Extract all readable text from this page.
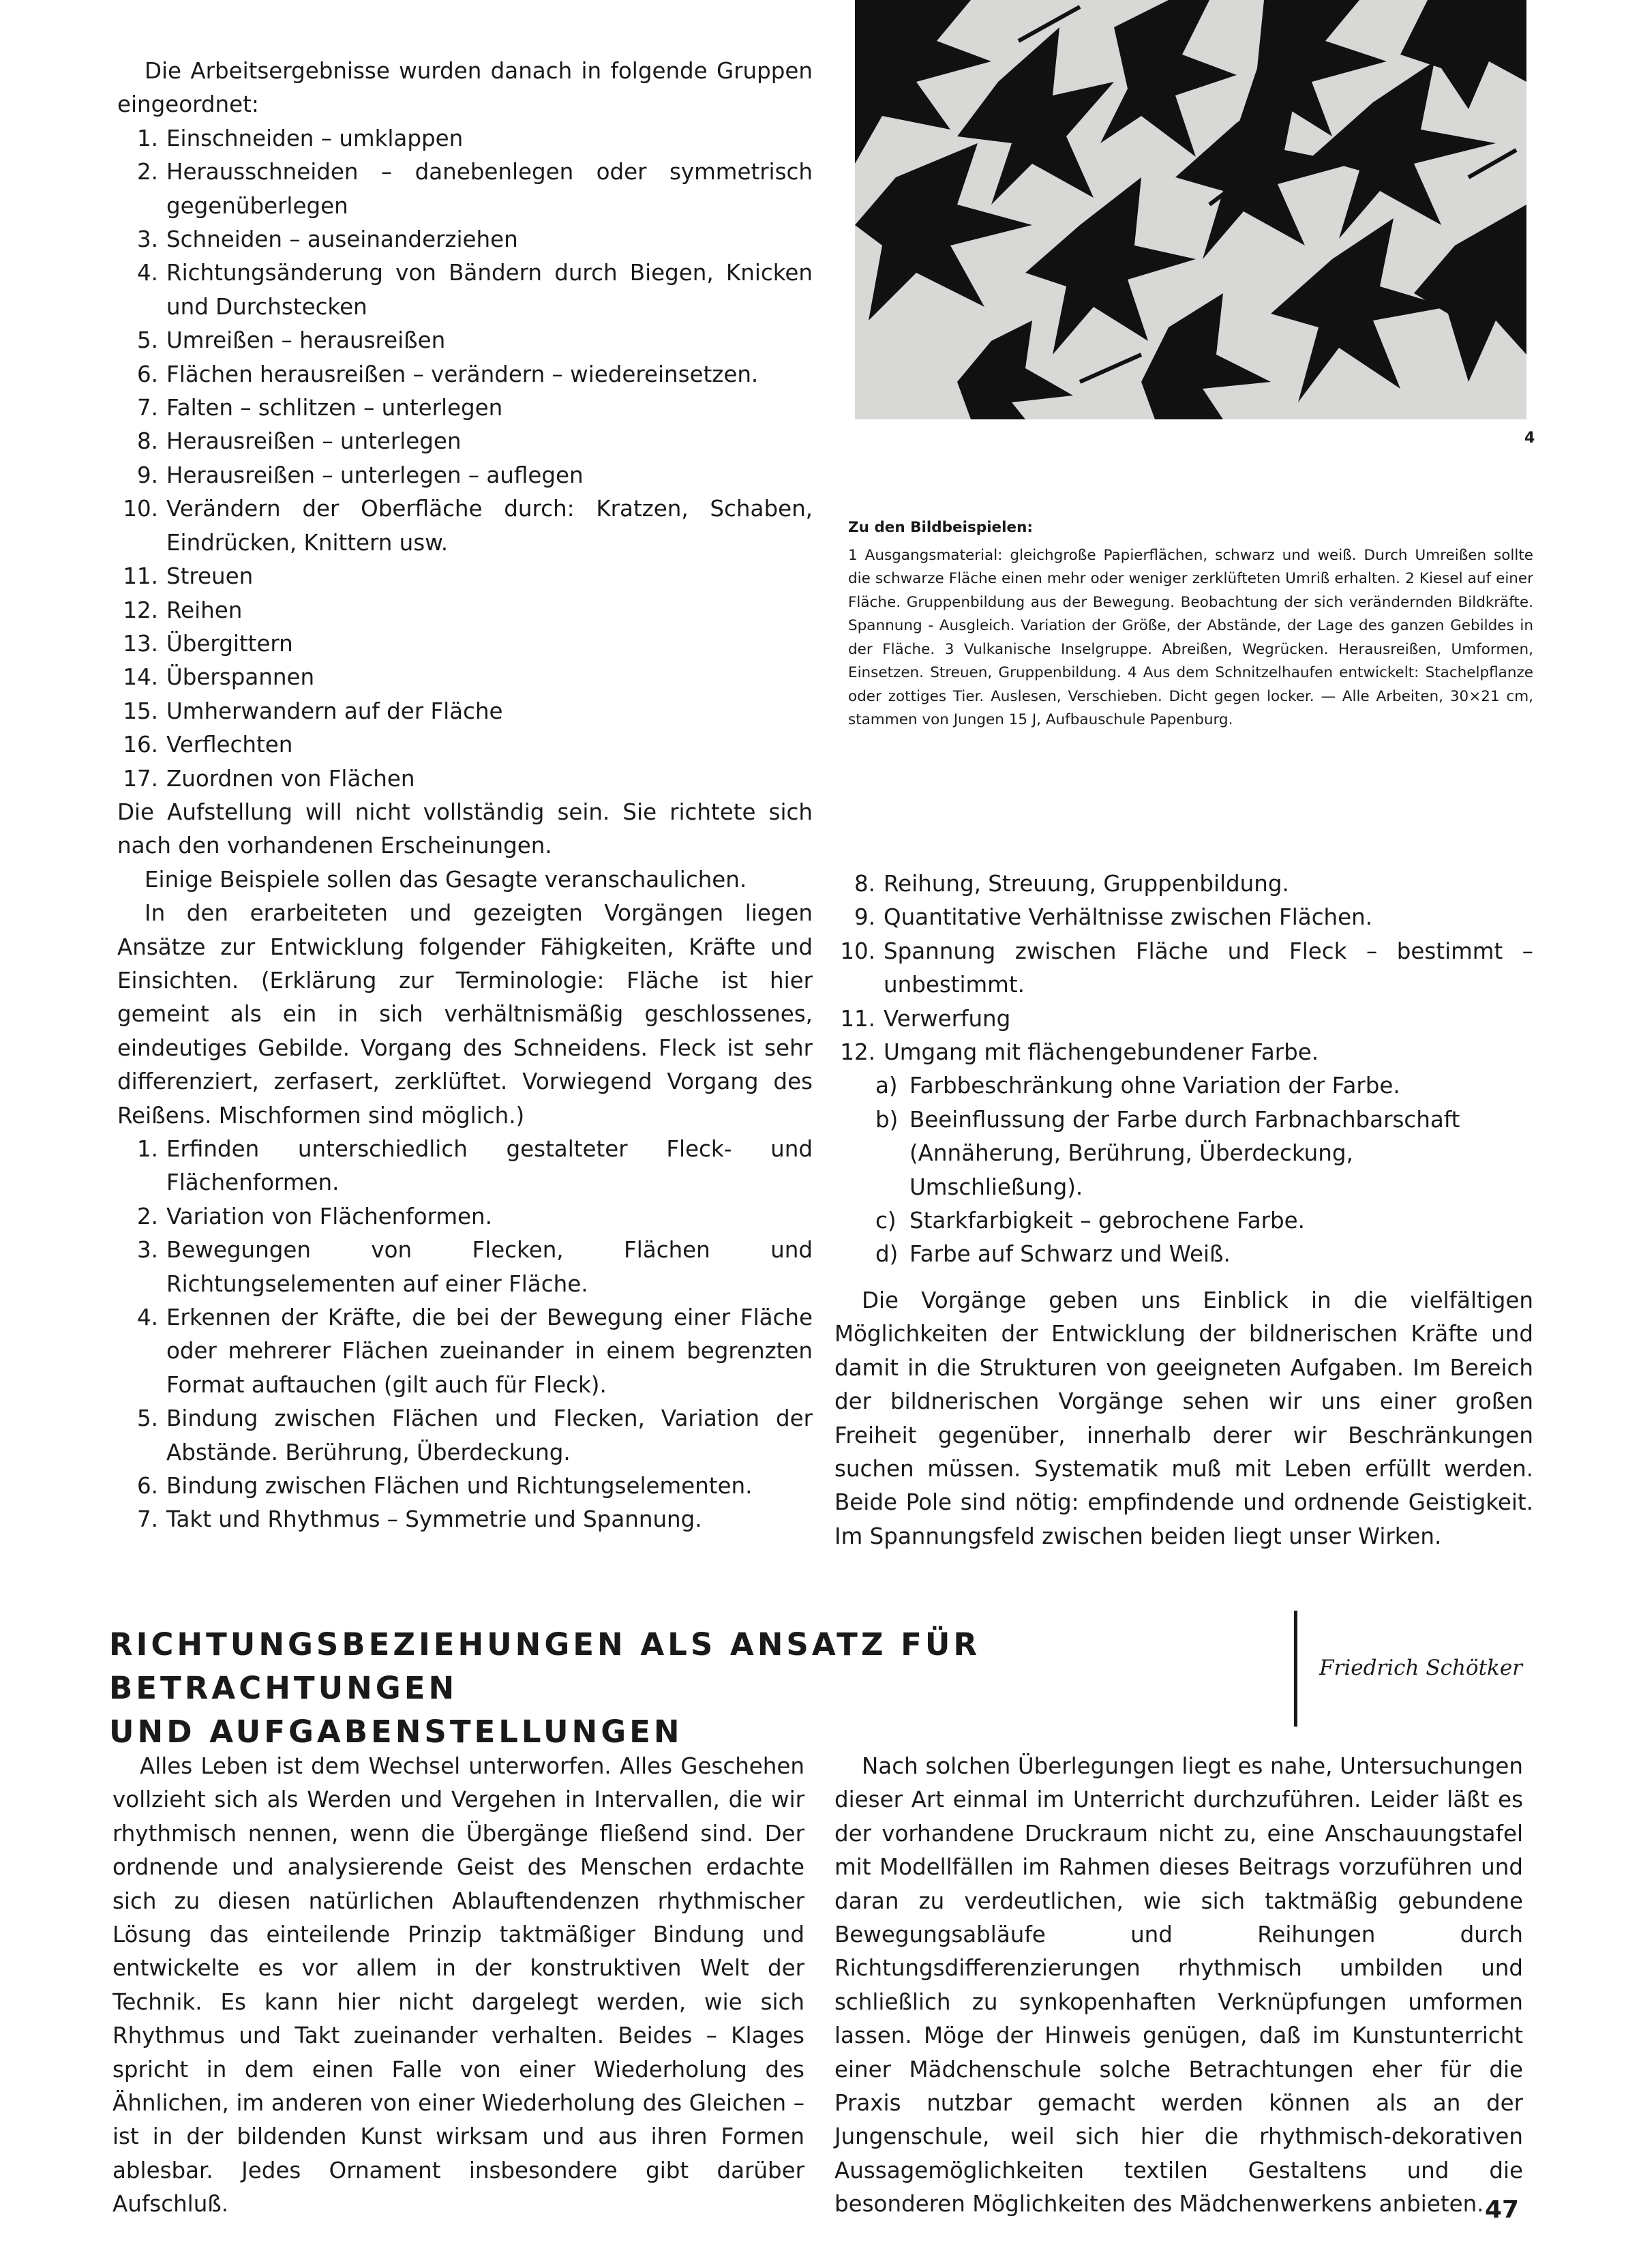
Die Arbeitsergebnisse wurden danach in folgende Gruppen eingeordnet:

1. Einschneiden – umklappen
2. Herausschneiden – danebenlegen oder symmetrisch gegenüberlegen
3. Schneiden – auseinanderziehen
4. Richtungsänderung von Bändern durch Biegen, Knicken und Durchstecken
5. Umreißen – herausreißen
6. Flächen herausreißen – verändern – wiedereinsetzen.
7. Falten – schlitzen – unterlegen
8. Herausreißen – unterlegen
9. Herausreißen – unterlegen – auflegen
10. Verändern der Oberfläche durch: Kratzen, Schaben, Eindrücken, Knittern usw.
11. Streuen
12. Reihen
13. Übergittern
14. Überspannen
15. Umherwandern auf der Fläche
16. Verflechten
17. Zuordnen von Flächen

Die Aufstellung will nicht vollständig sein. Sie richtete sich nach den vorhandenen Erscheinungen.

Einige Beispiele sollen das Gesagte veranschaulichen.

In den erarbeiteten und gezeigten Vorgängen liegen Ansätze zur Entwicklung folgender Fähigkeiten, Kräfte und Einsichten. (Erklärung zur Terminologie: Fläche ist hier gemeint als ein in sich verhältnismäßig geschlossenes, eindeutiges Gebilde. Vorgang des Schneidens. Fleck ist sehr differenziert, zerfasert, zerklüftet. Vorwiegend Vorgang des Reißens. Mischformen sind möglich.)

1. Erfinden unterschiedlich gestalteter Fleck- und Flächenformen.
2. Variation von Flächenformen.
3. Bewegungen von Flecken, Flächen und Richtungselementen auf einer Fläche.
4. Erkennen der Kräfte, die bei der Bewegung einer Fläche oder mehrerer Flächen zueinander in einem begrenzten Format auftauchen (gilt auch für Fleck).
5. Bindung zwischen Flächen und Flecken, Variation der Abstände. Berührung, Überdeckung.
6. Bindung zwischen Flächen und Richtungselementen.
7. Takt und Rhythmus – Symmetrie und Spannung.
4
Zu den Bildbeispielen:

1 Ausgangsmaterial: gleichgroße Papierflächen, schwarz und weiß. Durch Umreißen sollte die schwarze Fläche einen mehr oder weniger zerklüfteten Umriß erhalten. 2 Kiesel auf einer Fläche. Gruppenbildung aus der Bewegung. Beobachtung der sich verändernden Bildkräfte. Spannung - Ausgleich. Variation der Größe, der Abstände, der Lage des ganzen Gebildes in der Fläche. 3 Vulkanische Inselgruppe. Abreißen, Wegrücken. Herausreißen, Umformen, Einsetzen. Streuen, Gruppenbildung. 4 Aus dem Schnitzelhaufen entwickelt: Stachelpflanze oder zottiges Tier. Auslesen, Verschieben. Dicht gegen locker. — Alle Arbeiten, 30×21 cm, stammen von Jungen 15 J, Aufbauschule Papenburg.

8. Reihung, Streuung, Gruppenbildung.
9. Quantitative Verhältnisse zwischen Flächen.
10. Spannung zwischen Fläche und Fleck – bestimmt – unbestimmt.
11. Verwerfung
12. Umgang mit flächengebundener Farbe.
a) Farbbeschränkung ohne Variation der Farbe.
b) Beeinflussung der Farbe durch Farbnachbarschaft (Annäherung, Berührung, Überdeckung, Umschließung).
c) Starkfarbigkeit – gebrochene Farbe.
d) Farbe auf Schwarz und Weiß.

Die Vorgänge geben uns Einblick in die vielfältigen Möglichkeiten der Entwicklung der bildnerischen Kräfte und damit in die Strukturen von geeigneten Aufgaben. Im Bereich der bildnerischen Vorgänge sehen wir uns einer großen Freiheit gegenüber, innerhalb derer wir Beschränkungen suchen müssen. Systematik muß mit Leben erfüllt werden. Beide Pole sind nötig: empfindende und ordnende Geistigkeit. Im Spannungsfeld zwischen beiden liegt unser Wirken.

RICHTUNGSBEZIEHUNGEN ALS ANSATZ FÜR BETRACHTUNGEN
UND AUFGABENSTELLUNGEN
Friedrich Schötker

Alles Leben ist dem Wechsel unterworfen. Alles Geschehen vollzieht sich als Werden und Vergehen in Intervallen, die wir rhythmisch nennen, wenn die Übergänge fließend sind. Der ordnende und analysierende Geist des Menschen erdachte sich zu diesen natürlichen Ablauftendenzen rhythmischer Lösung das einteilende Prinzip taktmäßiger Bindung und entwickelte es vor allem in der konstruktiven Welt der Technik. Es kann hier nicht dargelegt werden, wie sich Rhythmus und Takt zueinander verhalten. Beides – Klages spricht in dem einen Falle von einer Wiederholung des Ähnlichen, im anderen von einer Wiederholung des Gleichen – ist in der bildenden Kunst wirksam und aus ihren Formen ablesbar. Jedes Ornament insbesondere gibt darüber Aufschluß.

Nach solchen Überlegungen liegt es nahe, Untersuchungen dieser Art einmal im Unterricht durchzuführen. Leider läßt es der vorhandene Druckraum nicht zu, eine Anschauungstafel mit Modellfällen im Rahmen dieses Beitrags vorzuführen und daran zu verdeutlichen, wie sich taktmäßig gebundene Bewegungsabläufe und Reihungen durch Richtungsdifferenzierungen rhythmisch umbilden und schließlich zu synkopenhaften Verknüpfungen umformen lassen. Möge der Hinweis genügen, daß im Kunstunterricht einer Mädchenschule solche Betrachtungen eher für die Praxis nutzbar gemacht werden können als an der Jungenschule, weil sich hier die rhythmisch-dekorativen Aussagemöglichkeiten textilen Gestaltens und die besonderen Möglichkeiten des Mädchenwerkens anbieten. 47
